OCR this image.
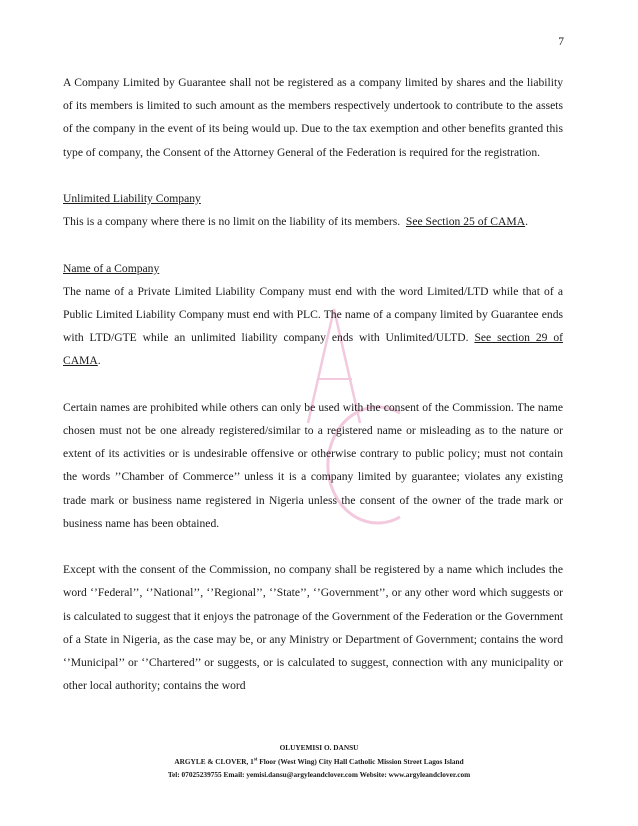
7

A Company Limited by Guarantee shall not be registered as a company limited by shares and the liability of its members is limited to such amount as the members respectively undertook to contribute to the assets of the company in the event of its being would up. Due to the tax exemption and other benefits granted this type of company, the Consent of the Attorney General of the Federation is required for the registration.

Unlimited Liability Company

This is a company where there is no limit on the liability of its members. See Section 25 of CAMA.

Name of a Company

The name of a Private Limited Liability Company must end with the word Limited/LTD while that of a Public Limited Liability Company must end with PLC. The name of a company limited by Guarantee ends with LTD/GTE while an unlimited liability company ends with Unlimited/ULTD. See section 29 of CAMA.

Certain names are prohibited while others can only be used with the consent of the Commission. The name chosen must not be one already registered/similar to a registered name or misleading as to the nature or extent of its activities or is undesirable offensive or otherwise contrary to public policy; must not contain the words ’’Chamber of Commerce’’ unless it is a company limited by guarantee; violates any existing trade mark or business name registered in Nigeria unless the consent of the owner of the trade mark or business name has been obtained.

Except with the consent of the Commission, no company shall be registered by a name which includes the word ‘’Federal’’, ‘’National’’, ‘’Regional’’, ‘’State’’, ‘’Government’’, or any other word which suggests or is calculated to suggest that it enjoys the patronage of the Government of the Federation or the Government of a State in Nigeria, as the case may be, or any Ministry or Department of Government; contains the word ‘’Municipal’’ or ‘’Chartered’’ or suggests, or is calculated to suggest, connection with any municipality or other local authority; contains the word

OLUYEMISI O. DANSU
ARGYLE & CLOVER, 1st Floor (West Wing) City Hall Catholic Mission Street Lagos Island
Tel: 07025239755 Email: yemisi.dansu@argyleandclover.com Website: www.argyleandclover.com
